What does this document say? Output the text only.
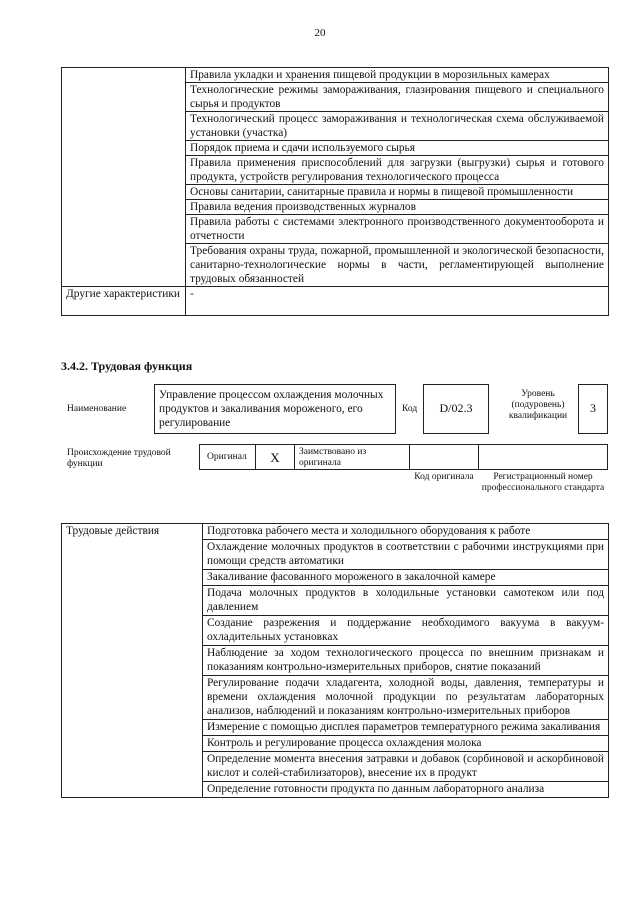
20
	Правила укладки и хранения пищевой продукции в морозильных камерах
	Технологические режимы замораживания, глазирования пищевого и специального сырья и продуктов
	Технологический процесс замораживания и технологическая схема обслуживаемой установки (участка)
	Порядок приема и сдачи используемого сырья
	Правила применения приспособлений для загрузки (выгрузки) сырья и готового продукта, устройств регулирования технологического процесса
	Основы санитарии, санитарные правила и нормы в пищевой промышленности
	Правила ведения производственных журналов
	Правила работы с системами электронного производственного документооборота и отчетности
	Требования охраны труда, пожарной, промышленной и экологической безопасности, санитарно-технологические нормы в части, регламентирующей выполнение трудовых обязанностей
Другие характеристики	-
3.4.2. Трудовая функция
Наименование
Управление процессом охлаждения молочных продуктов и закаливания мороженого, его регулирование
Код	D/02.3
Уровень (подуровень) квалификации
3
Происхождение трудовой функции
Оригинал	X	Заимствовано из оригинала
Код оригинала	Регистрационный номер профессионального стандарта
Трудовые действия	Подготовка рабочего места и холодильного оборудования к работе
Охлаждение молочных продуктов в соответствии с рабочими инструкциями при помощи средств автоматики
Закаливание фасованного мороженого в закалочной камере
Подача молочных продуктов в холодильные установки самотеком или под давлением
Создание разрежения и поддержание необходимого вакуума в вакуум-охладительных установках
Наблюдение за ходом технологического процесса по внешним признакам и показаниям контрольно-измерительных приборов, снятие показаний
Регулирование подачи хладагента, холодной воды, давления, температуры и времени охлаждения молочной продукции по результатам лабораторных анализов, наблюдений и показаниям контрольно-измерительных приборов
Измерение с помощью дисплея параметров температурного режима закаливания
Контроль и регулирование процесса охлаждения молока
Определение момента внесения затравки и добавок (сорбиновой и аскорбиновой кислот и солей-стабилизаторов), внесение их в продукт
Определение готовности продукта по данным лабораторного анализа
